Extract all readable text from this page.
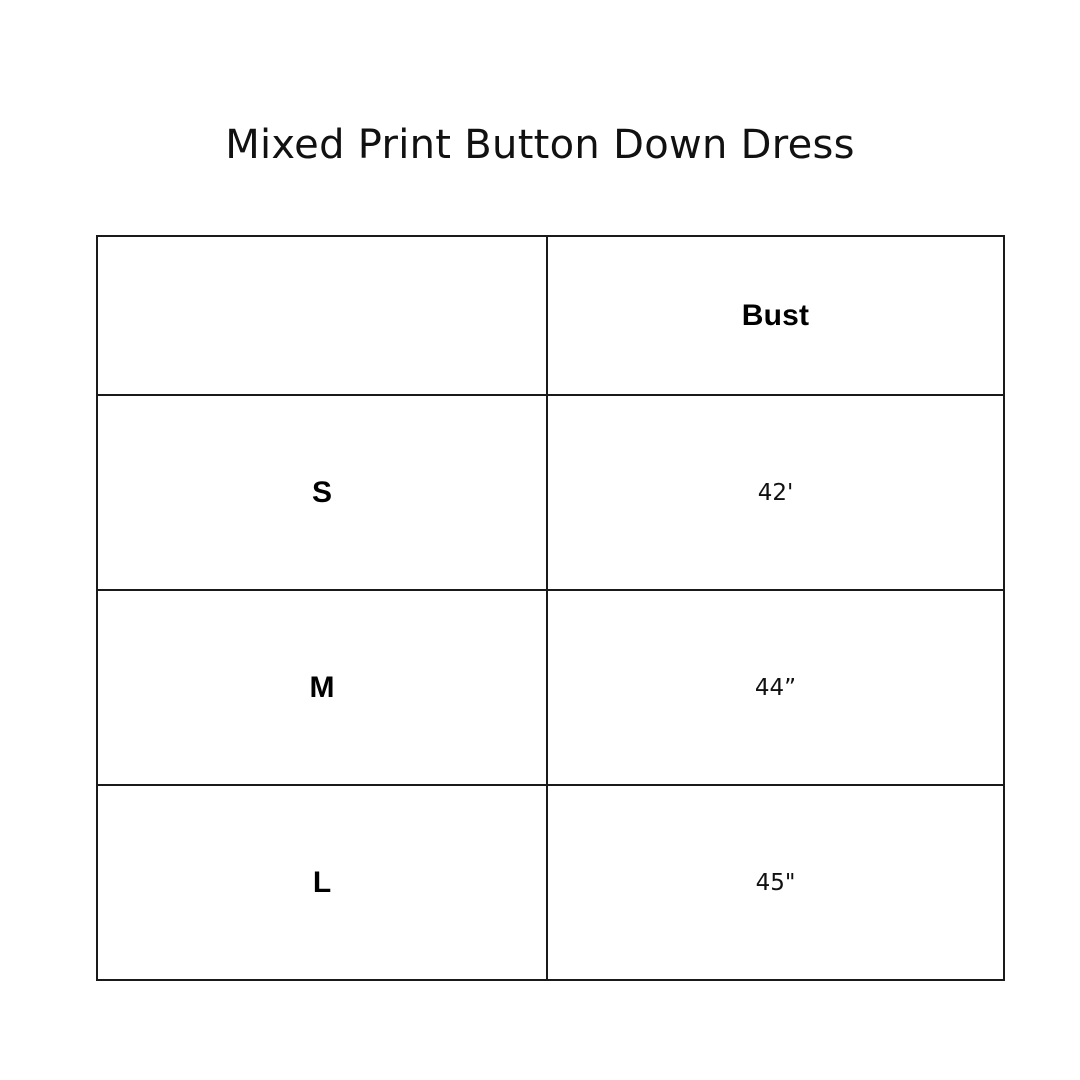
Mixed Print Button Down Dress
	Bust
S	42'
M	44”
L	45"
